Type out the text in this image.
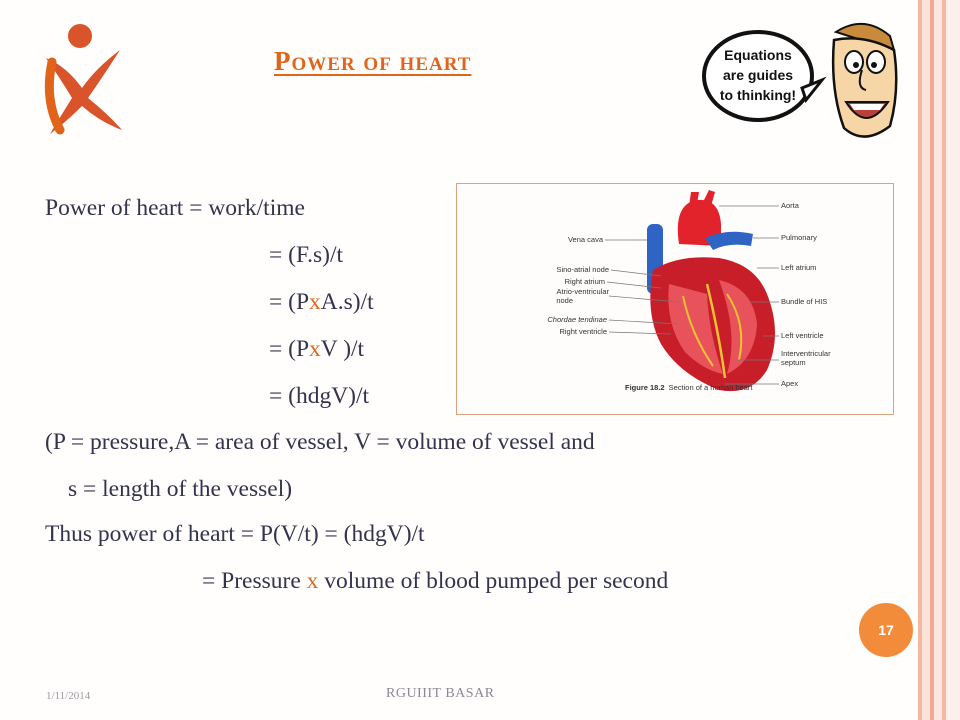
Power of heart	Equations
are guides
to thinking!
Aorta
Pulmonary
Left atrium
Bundle of HIS
Left ventricle
Interventricular
septum
Apex
Vena cava
Sino-atrial node
Right atrium
Atrio-ventricular
node
Chordae tendinae
Right ventricle
Figure 18.2 Section of a human heart
Power of heart = work/time
= (F.s)/t
= (PxA.s)/t
= (PxV )/t
= (hdgV)/t
(P = pressure,A = area of vessel, V = volume of vessel and
s = length of the vessel)
Thus power of heart = P(V/t) = (hdgV)/t
= Pressure x volume of blood pumped per second
17
1/11/2014	RGUIIIT BASAR
